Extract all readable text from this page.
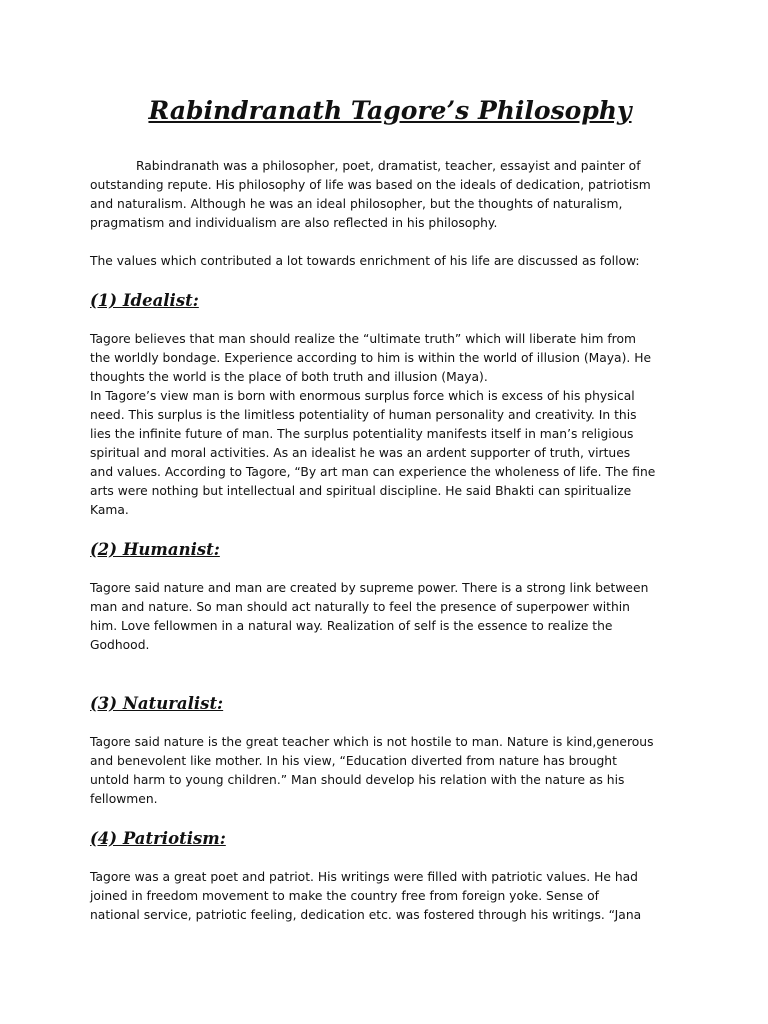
Rabindranath Tagore’s Philosophy

Rabindranath was a philosopher, poet, dramatist, teacher, essayist and painter of
outstanding repute. His philosophy of life was based on the ideals of dedication, patriotism
and naturalism. Although he was an ideal philosopher, but the thoughts of naturalism,
pragmatism and individualism are also reflected in his philosophy.

The values which contributed a lot towards enrichment of his life are discussed as follow:

(1) Idealist:

Tagore believes that man should realize the “ultimate truth” which will liberate him from
the worldly bondage. Experience according to him is within the world of illusion (Maya). He
thoughts the world is the place of both truth and illusion (Maya).
In Tagore’s view man is born with enormous surplus force which is excess of his physical
need. This surplus is the limitless potentiality of human personality and creativity. In this
lies the infinite future of man. The surplus potentiality manifests itself in man’s religious
spiritual and moral activities. As an idealist he was an ardent supporter of truth, virtues
and values. According to Tagore, “By art man can experience the wholeness of life. The fine
arts were nothing but intellectual and spiritual discipline. He said Bhakti can spiritualize
Kama.

(2) Humanist:

Tagore said nature and man are created by supreme power. There is a strong link between
man and nature. So man should act naturally to feel the presence of superpower within
him. Love fellowmen in a natural way. Realization of self is the essence to realize the
Godhood.

(3) Naturalist:

Tagore said nature is the great teacher which is not hostile to man. Nature is kind,generous
and benevolent like mother. In his view, “Education diverted from nature has brought
untold harm to young children.” Man should develop his relation with the nature as his
fellowmen.

(4) Patriotism:

Tagore was a great poet and patriot. His writings were filled with patriotic values. He had
joined in freedom movement to make the country free from foreign yoke. Sense of
national service, patriotic feeling, dedication etc. was fostered through his writings. “Jana
